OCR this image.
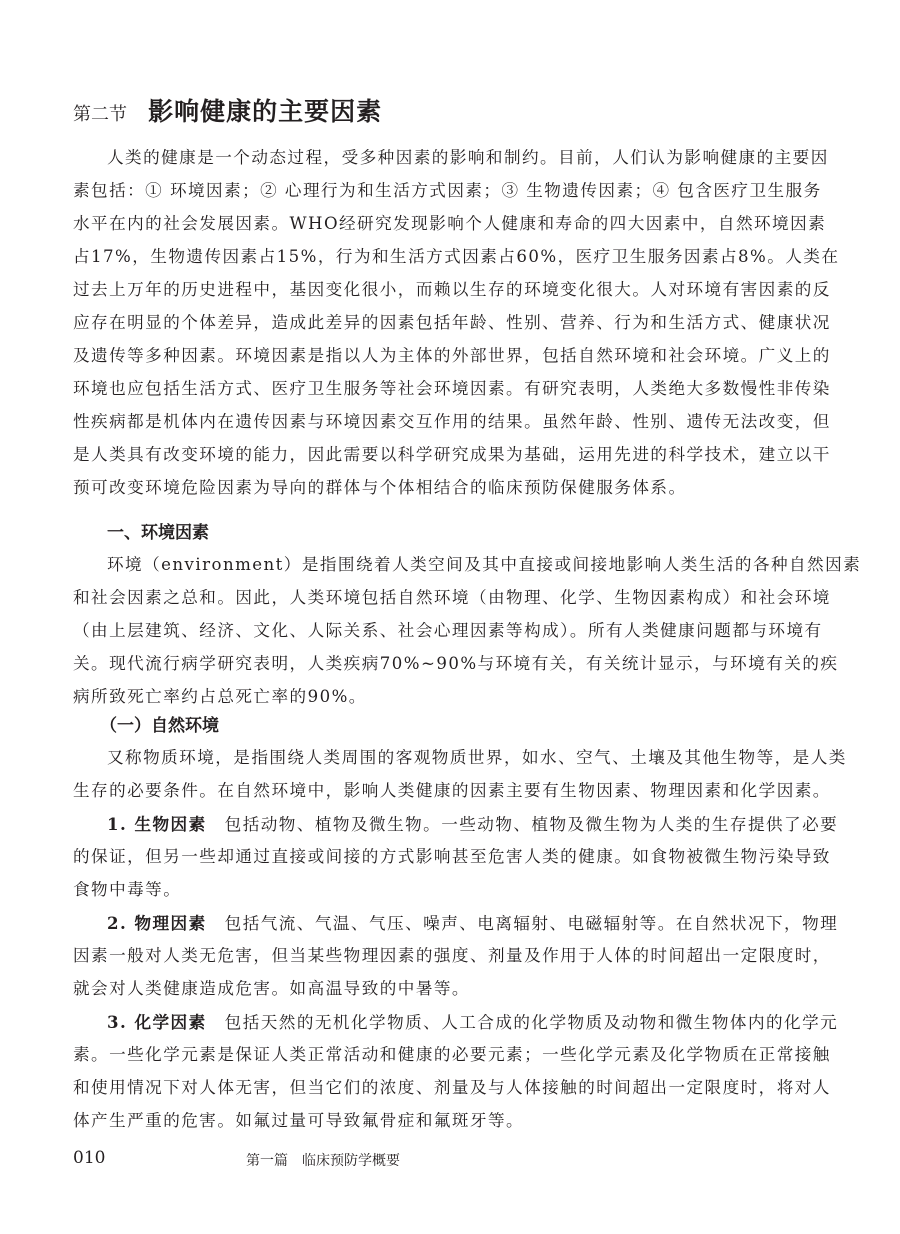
第二节 影响健康的主要因素
人类的健康是一个动态过程，受多种因素的影响和制约。目前，人们认为影响健康的主要因
素包括：① 环境因素；② 心理行为和生活方式因素；③ 生物遗传因素；④ 包含医疗卫生服务
水平在内的社会发展因素。WHO经研究发现影响个人健康和寿命的四大因素中，自然环境因素
占17%，生物遗传因素占15%，行为和生活方式因素占60%，医疗卫生服务因素占8%。人类在
过去上万年的历史进程中，基因变化很小，而赖以生存的环境变化很大。人对环境有害因素的反
应存在明显的个体差异，造成此差异的因素包括年龄、性别、营养、行为和生活方式、健康状况
及遗传等多种因素。环境因素是指以人为主体的外部世界，包括自然环境和社会环境。广义上的
环境也应包括生活方式、医疗卫生服务等社会环境因素。有研究表明，人类绝大多数慢性非传染
性疾病都是机体内在遗传因素与环境因素交互作用的结果。虽然年龄、性别、遗传无法改变，但
是人类具有改变环境的能力，因此需要以科学研究成果为基础，运用先进的科学技术，建立以干
预可改变环境危险因素为导向的群体与个体相结合的临床预防保健服务体系。
一、环境因素
环境（environment）是指围绕着人类空间及其中直接或间接地影响人类生活的各种自然因素
和社会因素之总和。因此，人类环境包括自然环境（由物理、化学、生物因素构成）和社会环境
（由上层建筑、经济、文化、人际关系、社会心理因素等构成）。所有人类健康问题都与环境有
关。现代流行病学研究表明，人类疾病70%~90%与环境有关，有关统计显示，与环境有关的疾
病所致死亡率约占总死亡率的90%。
（一）自然环境
又称物质环境，是指围绕人类周围的客观物质世界，如水、空气、土壤及其他生物等，是人类
生存的必要条件。在自然环境中，影响人类健康的因素主要有生物因素、物理因素和化学因素。
1. 生物因素　 包括动物、植物及微生物。一些动物、植物及微生物为人类的生存提供了必要
的保证，但另一些却通过直接或间接的方式影响甚至危害人类的健康。如食物被微生物污染导致
食物中毒等。
2. 物理因素　 包括气流、气温、气压、噪声、电离辐射、电磁辐射等。在自然状况下，物理
因素一般对人类无危害，但当某些物理因素的强度、剂量及作用于人体的时间超出一定限度时，
就会对人类健康造成危害。如高温导致的中暑等。
3. 化学因素　 包括天然的无机化学物质、人工合成的化学物质及动物和微生物体内的化学元
素。一些化学元素是保证人类正常活动和健康的必要元素；一些化学元素及化学物质在正常接触
和使用情况下对人体无害，但当它们的浓度、剂量及与人体接触的时间超出一定限度时，将对人
体产生严重的危害。如氟过量可导致氟骨症和氟斑牙等。
010	第一篇　临床预防学概要
